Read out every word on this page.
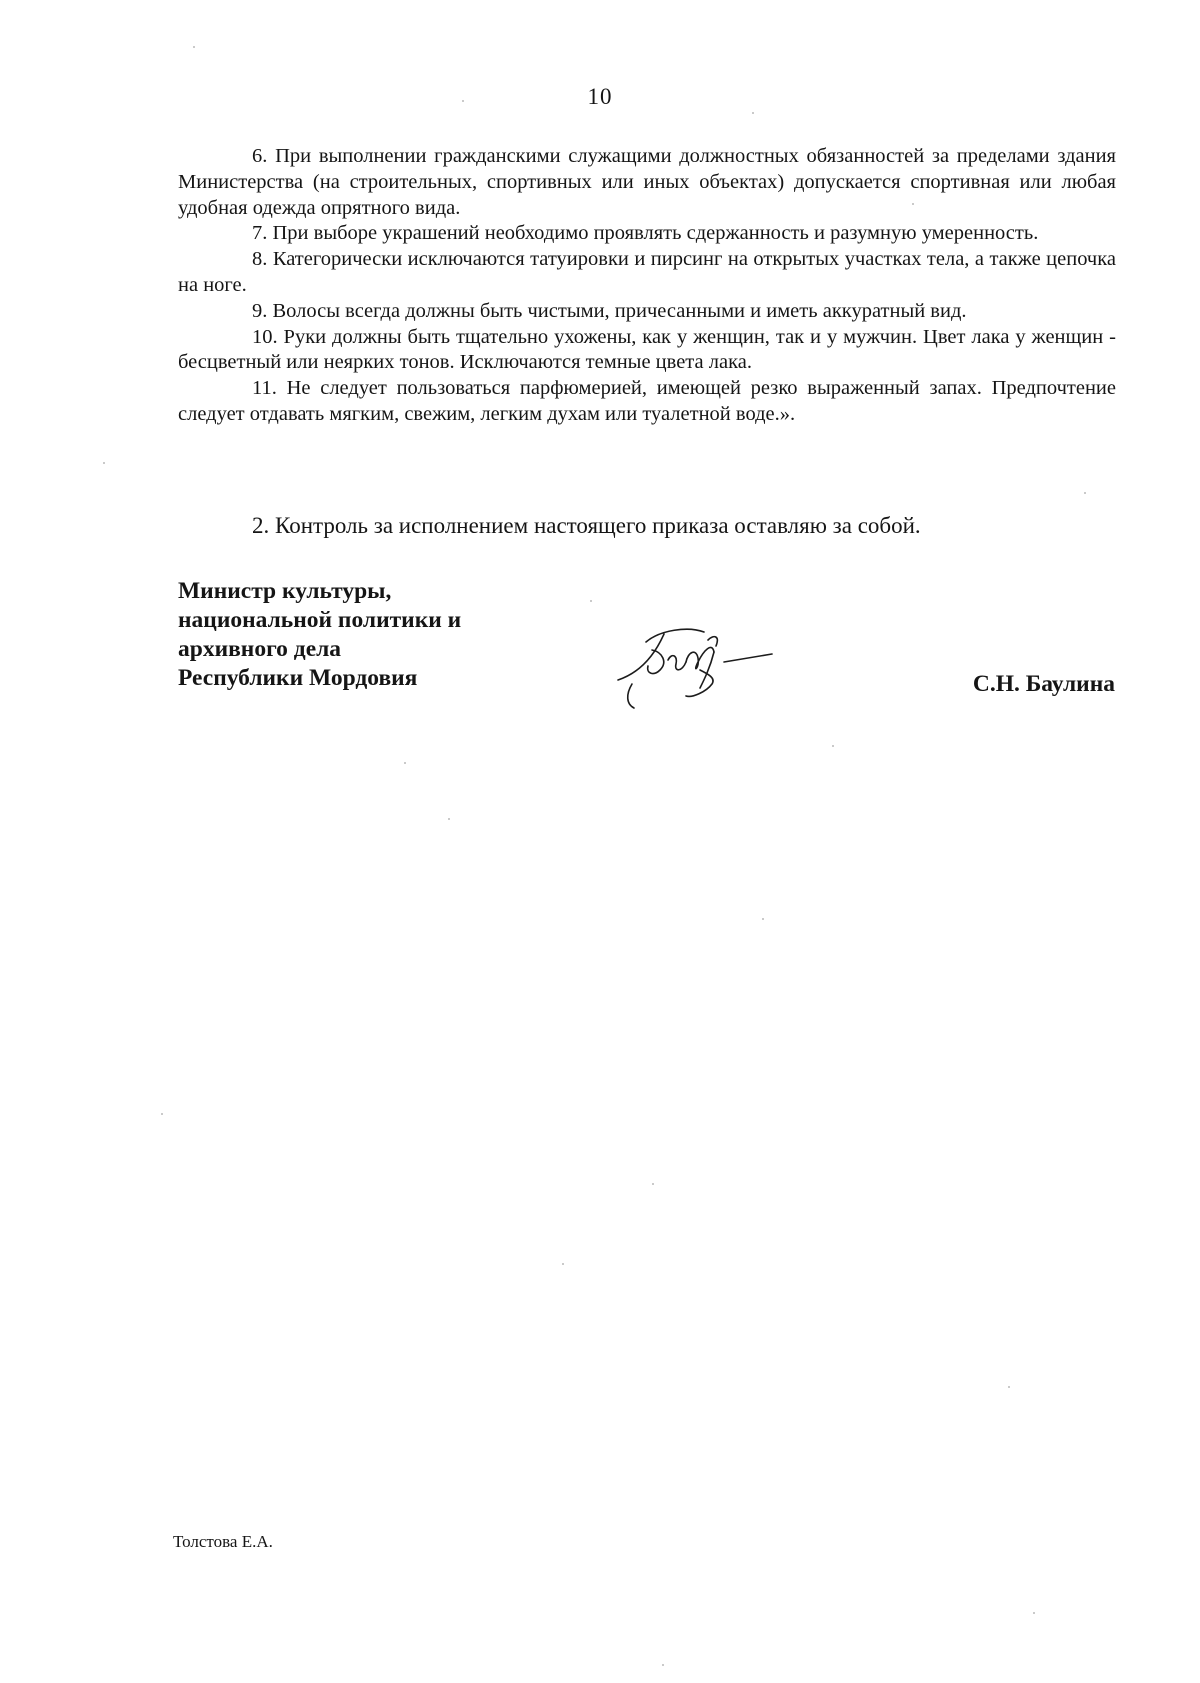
10

6. При выполнении гражданскими служащими должностных обязанностей за пределами здания Министерства (на строительных, спортивных или иных объектах) допускается спортивная или любая удобная одежда опрятного вида.

7. При выборе украшений необходимо проявлять сдержанность и разумную умеренность.

8. Категорически исключаются татуировки и пирсинг на открытых участках тела, а также цепочка на ноге.

9. Волосы всегда должны быть чистыми, причесанными и иметь аккуратный вид.

10. Руки должны быть тщательно ухожены, как у женщин, так и у мужчин. Цвет лака у женщин - бесцветный или неярких тонов. Исключаются темные цвета лака.

11. Не следует пользоваться парфюмерией, имеющей резко выраженный запах. Предпочтение следует отдавать мягким, свежим, легким духам или туалетной воде.».

2. Контроль за исполнением настоящего приказа оставляю за собой.
Министр культуры,
национальной политики и
архивного дела
Республики Мордовия	С.Н. Баулина
Толстова Е.А.
